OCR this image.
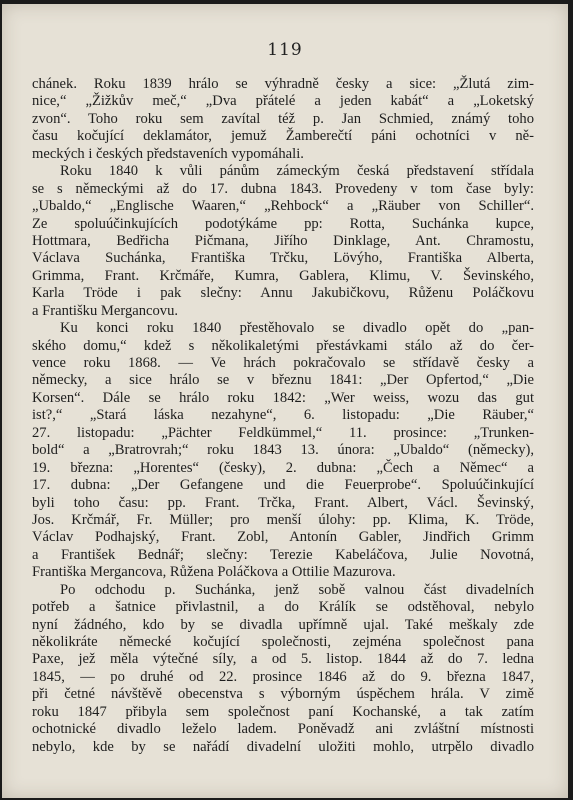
119
chánek. Roku 1839 hrálo se výhradně česky a sice: „Žlutá zim-
nice,“ „Žižkův meč,“ „Dva přátelé a jeden kabát“ a „Loketský
zvon“. Toho roku sem zavítal též p. Jan Schmied, známý toho
času kočující deklamátor, jemuž Žamberečtí páni ochotníci v ně-
meckých i českých představeních vypomáhali.
Roku 1840 k vůli pánům zámeckým česká představení střídala
se s německými až do 17. dubna 1843. Provedeny v tom čase byly:
„Ubaldo,“ „Englische Waaren,“ „Rehbock“ a „Räuber von Schiller“.
Ze spoluúčinkujících podotýkáme pp: Rotta, Suchánka kupce,
Hottmara, Bedřicha Pičmana, Jiřího Dinklage, Ant. Chramostu,
Václava Suchánka, Františka Trčku, Lövýho, Františka Alberta,
Grimma, Frant. Krčmáře, Kumra, Gablera, Klimu, V. Ševinského,
Karla Tröde i pak slečny: Annu Jakubičkovu, Růženu Poláčkovu
a Františku Mergancovu.
Ku konci roku 1840 přestěhovalo se divadlo opět do „pan-
ského domu,“ kdež s několikaletými přestávkami stálo až do čer-
vence roku 1868. — Ve hrách pokračovalo se střídavě česky a
německy, a sice hrálo se v březnu 1841: „Der Opfertod,“ „Die
Korsen“. Dále se hrálo roku 1842: „Wer weiss, wozu das gut
ist?,“ „Stará láska nezahyne“, 6. listopadu: „Die Räuber,“
27. listopadu: „Pächter Feldkümmel,“ 11. prosince: „Trunken-
bold“ a „Bratrovrah;“ roku 1843 13. února: „Ubaldo“ (německy),
19. března: „Horentes“ (česky), 2. dubna: „Čech a Němec“ a
17. dubna: „Der Gefangene und die Feuerprobe“. Spoluúčinkující
byli toho času: pp. Frant. Trčka, Frant. Albert, Václ. Ševinský,
Jos. Krčmář, Fr. Müller; pro menší úlohy: pp. Klima, K. Tröde,
Václav Podhajský, Frant. Zobl, Antonín Gabler, Jindřich Grimm
a František Bednář; slečny: Terezie Kabeláčova, Julie Novotná,
Františka Mergancova, Růžena Poláčkova a Ottilie Mazurova.
Po odchodu p. Suchánka, jenž sobě valnou část divadelních
potřeb a šatnice přivlastnil, a do Králík se odstěhoval, nebylo
nyní žádného, kdo by se divadla upřímně ujal. Také meškaly zde
několikráte německé kočující společnosti, zejména společnost pana
Paxe, jež měla výtečné síly, a od 5. listop. 1844 až do 7. ledna
1845, — po druhé od 22. prosince 1846 až do 9. března 1847,
při četné návštěvě obecenstva s výborným úspěchem hrála. V zimě
roku 1847 přibyla sem společnost paní Kochanské, a tak zatím
ochotnické divadlo leželo ladem. Poněvadž ani zvláštní místnosti
nebylo, kde by se nařádí divadelní uložiti mohlo, utrpělo divadlo
